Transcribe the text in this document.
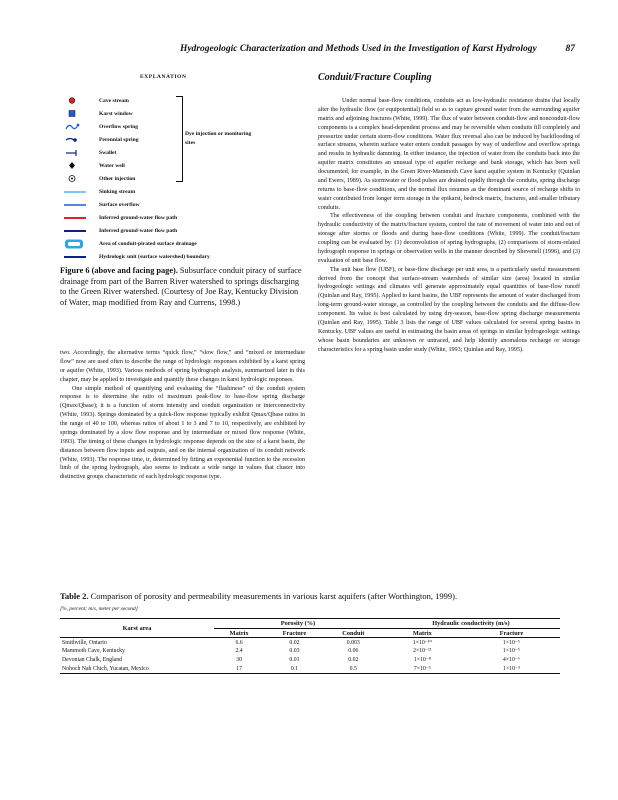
Hydrogeologic Characterization and Methods Used in the Investigation of Karst Hydrology	87
EXPLANATION
Cave stream
Karst window
Overflow spring
Perennial spring
Swallet
Water well
Other injection
Sinking stream
Surface overflow
Inferred ground-water flow path
Inferred ground-water flow path
Area of conduit-pirated surface drainage
Hydrologic unit (surface watershed) boundary
Dye injection or monitoring sites
Figure 6 (above and facing page). Subsurface conduit piracy of surface drainage from part of the Barren River watershed to springs discharging to the Green River watershed. (Courtesy of Joe Ray, Kentucky Division of Water, map modified from Ray and Currens, 1998.)

two. Accordingly, the alternative terms “quick flow,” “slow flow,” and “mixed or intermediate flow” now are used often to describe the range of hydrologic responses exhibited by a karst spring or aquifer (White, 1993). Various methods of spring hydrograph analysis, summarized later in this chapter, may be applied to investigate and quantify these changes in karst hydrologic responses.

One simple method of quantifying and evaluating the “flashiness” of the conduit system response is to determine the ratio of maximum peak-flow to base-flow spring discharge (Qmax/Qbase); it is a function of storm intensity and conduit organization or interconnectivity (White, 1993). Springs dominated by a quick-flow response typically exhibit Qmax/Qbase ratios in the range of 40 to 100, whereas ratios of about 1 to 3 and 7 to 10, respectively, are exhibited by springs dominated by a slow flow response and by intermediate or mixed flow response (White, 1993). The timing of these changes in hydrologic response depends on the size of a karst basin, the distances between flow inputs and outputs, and on the internal organization of its conduit network (White, 1993). The response time, tr, determined by fitting an exponential function to the recession limb of the spring hydrograph, also seems to indicate a wide range in values that cluster into distinctive groups characteristic of each hydrologic response type.

Conduit/Fracture Coupling

Under normal base-flow conditions, conduits act as low-hydraulic resistance drains that locally alter the hydraulic flow (or equipotential) field so as to capture ground water from the surrounding aquifer matrix and adjoining fractures (White, 1999). The flux of water between conduit-flow and nonconduit-flow components is a complex head-dependent process and may be reversible when conduits fill completely and pressurize under certain storm-flow conditions. Water flux reversal also can be induced by backflooding of surface streams, wherein surface water enters conduit passages by way of underflow and overflow springs and results in hydraulic damming. In either instance, the injection of water from the conduits back into the aquifer matrix constitutes an unusual type of aquifer recharge and bank storage, which has been well documented, for example, in the Green River-Mammoth Cave karst aquifer system in Kentucky (Quinlan and Ewers, 1989). As stormwater or flood pulses are drained rapidly through the conduits, spring discharge returns to base-flow conditions, and the normal flux resumes as the dominant source of recharge shifts to water contributed from longer term storage in the epikarst, bedrock matrix, fractures, and smaller tributary conduits.

The effectiveness of the coupling between conduit and fracture components, combined with the hydraulic conductivity of the matrix/fracture system, control the rate of movement of water into and out of storage after storms or floods and during base-flow conditions (White, 1999). The conduit/fracture coupling can be evaluated by: (1) deconvolution of spring hydrographs, (2) comparisons of storm-related hydrograph response in springs or observation wells in the manner described by Shevenell (1996), and (3) evaluation of unit base flow.

The unit base flow (UBF), or base-flow discharge per unit area, is a particularly useful measurement derived from the concept that surface-stream watersheds of similar size (area) located in similar hydrogeologic settings and climates will generate approximately equal quantities of base-flow runoff (Quinlan and Ray, 1995). Applied to karst basins, the UBF represents the amount of water discharged from long-term ground-water storage, as controlled by the coupling between the conduits and the diffuse-flow component. Its value is best calculated by using dry-season, base-flow spring discharge measurements (Quinlan and Ray, 1995). Table 3 lists the range of UBF values calculated for several spring basins in Kentucky. UBF values are useful in estimating the basin areas of springs in similar hydrogeologic settings whose basin boundaries are unknown or untraced, and help identify anomalous recharge or storage characteristics for a spring basin under study (White, 1993; Quinlan and Ray, 1995).

Table 2. Comparison of porosity and permeability measurements in various karst aquifers (after Worthington, 1999).
[%, percent; m/s, meter per second]
Karst area	Porosity (%)			Hydraulic conductivity (m/s)	
	Matrix	Fracture	Conduit	Matrix	Fracture
Smithville, Ontario	6.6	0.02	0.003	1×10⁻¹⁰	1×10⁻⁵
Mammoth Cave, Kentucky	2.4	0.03	0.06	2×10⁻¹¹	1×10⁻⁵
Devonian Chalk, England	30	0.01	0.02	1×10⁻⁸	4×10⁻⁶
Nohoch Nah Chich, Yucatan, Mexico	17	0.1	0.5	7×10⁻⁵	1×10⁻³
